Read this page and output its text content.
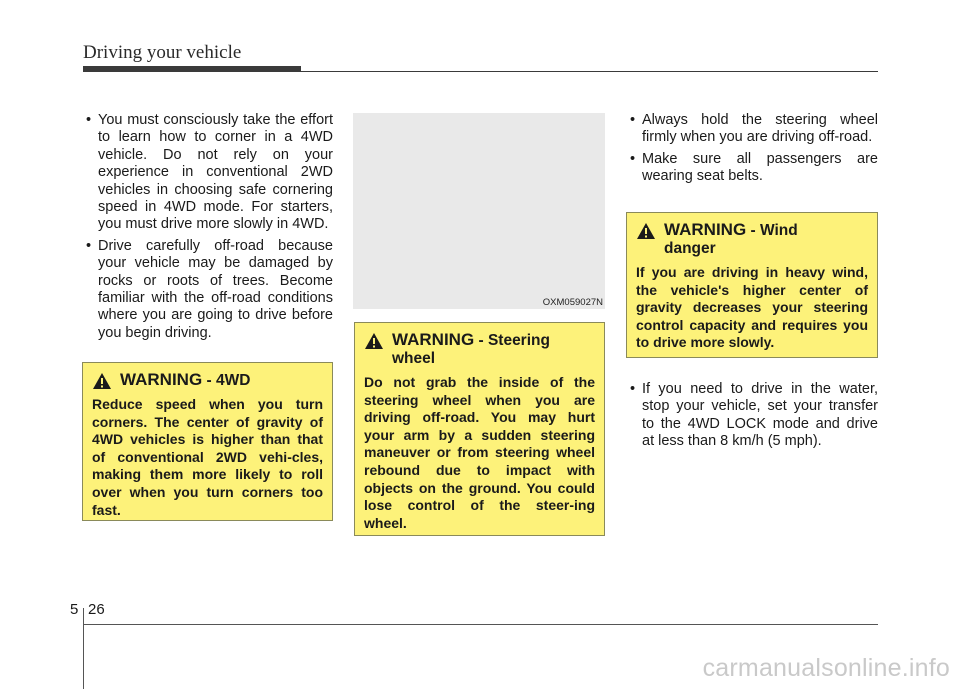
Driving your vehicle
• You must consciously take the effort to learn how to corner in a 4WD vehicle. Do not rely on your experience in conventional 2WD vehicles in choosing safe cornering speed in 4WD mode. For starters, you must drive more slowly in 4WD.
• Drive carefully off-road because your vehicle may be damaged by rocks or roots of trees. Become familiar with the off-road conditions where you are going to drive before you begin driving.
WARNING - 4WD

Reduce speed when you turn corners. The center of gravity of 4WD vehicles is higher than that of conventional 2WD vehi-cles, making them more likely to roll over when you turn corners too fast.

OXM059027N
WARNING - Steering wheel

Do not grab the inside of the steering wheel when you are driving off-road. You may hurt your arm by a sudden steering maneuver or from steering wheel rebound due to impact with objects on the ground. You could lose control of the steer-ing wheel.

• Always hold the steering wheel firmly when you are driving off-road.
• Make sure all passengers are wearing seat belts.
WARNING - Wind danger

If you are driving in heavy wind, the vehicle's higher center of gravity decreases your steering control capacity and requires you to drive more slowly.

• If you need to drive in the water, stop your vehicle, set your transfer to the 4WD LOCK mode and drive at less than 8 km/h (5 mph).
5 26
carmanualsonline.info
